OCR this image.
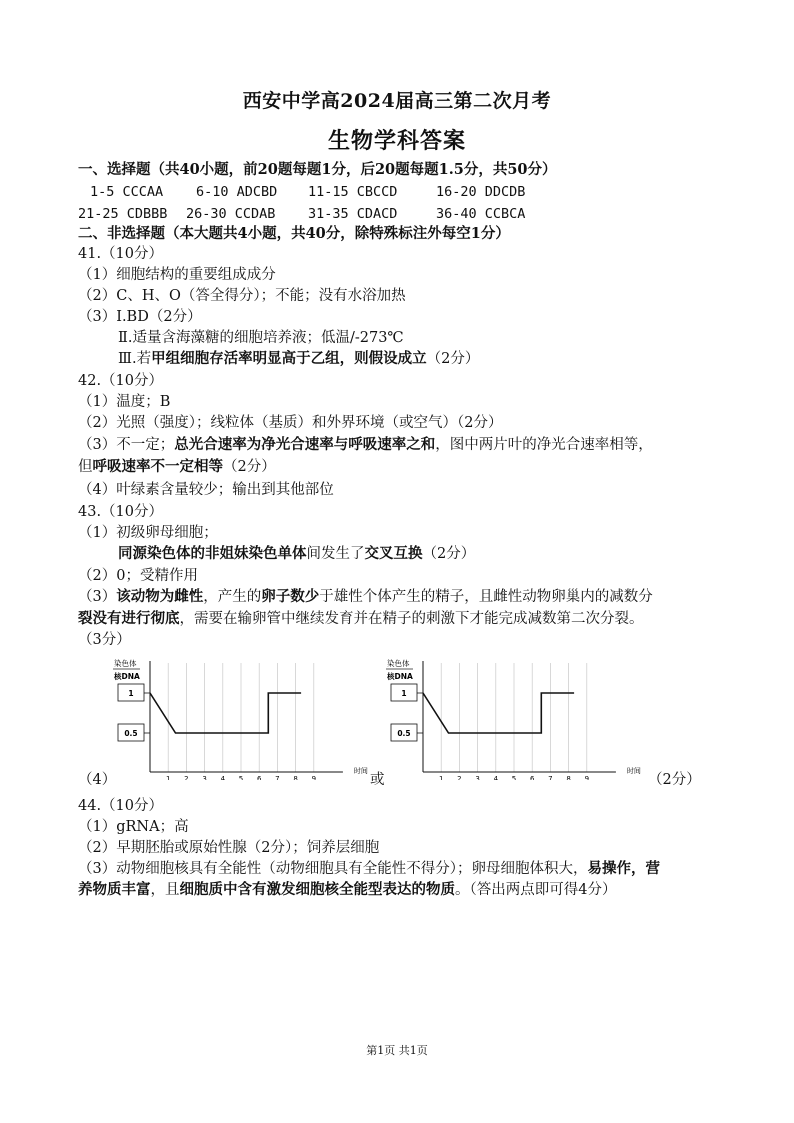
西安中学高2024届高三第二次月考
生物学科答案
一、选择题（共40小题，前20题每题1分，后20题每题1.5分，共50分）
1-5 CCCAA 6-10 ADCBD 11-15 CBCCD	16-20 DDCDB
21-25 CDBBB 26-30 CCDAB 31-35 CDACD	36-40 CCBCA
二、非选择题（本大题共4小题，共40分，除特殊标注外每空1分）
41.（10分）
（1）细胞结构的重要组成成分
（2）C、H、O（答全得分）；不能；没有水浴加热
（3）Ⅰ.BD（2分）
Ⅱ.适量含海藻糖的细胞培养液；低温/-273℃
Ⅲ.若甲组细胞存活率明显高于乙组，则假设成立（2分）
42.（10分）
（1）温度；B
（2）光照（强度）；线粒体（基质）和外界环境（或空气）（2分）
（3）不一定；总光合速率为净光合速率与呼吸速率之和，图中两片叶的净光合速率相等，
但呼吸速率不一定相等（2分）
（4）叶绿素含量较少；输出到其他部位
43.（10分）
（1）初级卵母细胞；
同源染色体的非姐妹染色单体间发生了交叉互换（2分）
（2）0；受精作用
（3）该动物为雌性，产生的卵子数少于雄性个体产生的精子，且雌性动物卵巢内的减数分
裂没有进行彻底，需要在输卵管中继续发育并在精子的刺激下才能完成减数第二次分裂。
（3分）
染色体
核DNA
1
0.5
1 2 3 4 5 6 7 8 9
时间
染色体
核DNA
1
0.5
1 2 3 4 5 6 7 8 9
时间
（4）	或	（2分）
44.（10分）
（1）gRNA；高
（2）早期胚胎或原始性腺（2分）；饲养层细胞
（3）动物细胞核具有全能性（动物细胞具有全能性不得分）；卵母细胞体积大，易操作，营
养物质丰富，且细胞质中含有激发细胞核全能型表达的物质。（答出两点即可得4分）
第1页 共1页
